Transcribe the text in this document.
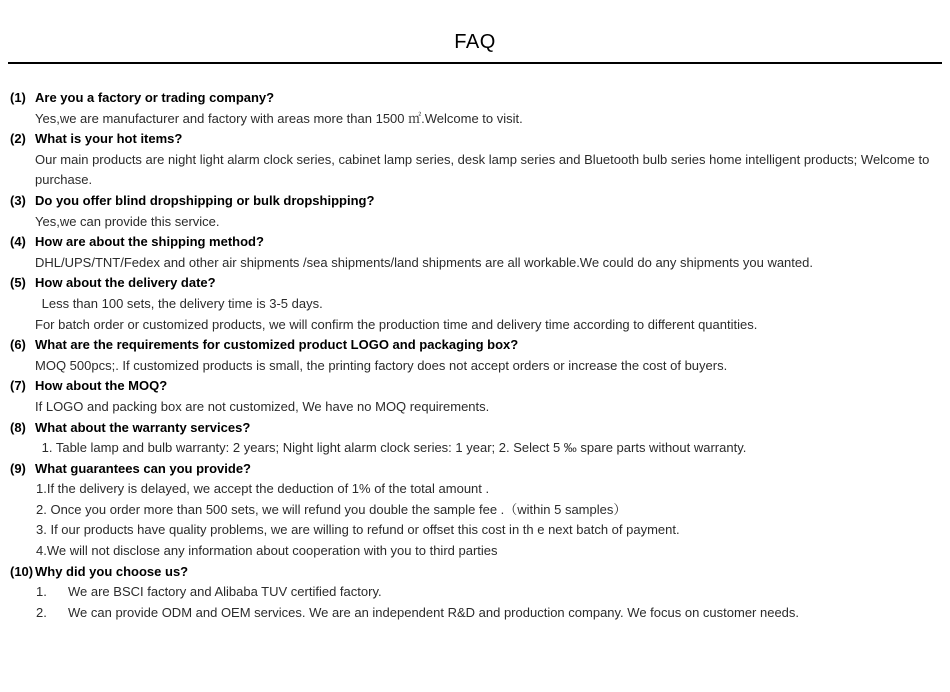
FAQ
(1) Are you a factory or trading company?
Yes,we are manufacturer and factory with areas more than 1500 ㎡.Welcome to visit.
(2) What is your hot items?
Our main products are night light alarm clock series, cabinet lamp series, desk lamp series and Bluetooth bulb series home intelligent products; Welcome to purchase.
(3) Do you offer blind dropshipping or bulk dropshipping?
Yes,we can provide this service.
(4) How are about the shipping method?
DHL/UPS/TNT/Fedex and other air shipments /sea shipments/land shipments are all workable.We could do any shipments you wanted.
(5) How about the delivery date?
Less than 100 sets, the delivery time is 3-5 days.
For batch order or customized products, we will confirm the production time and delivery time according to different quantities.
(6) What are the requirements for customized product LOGO and packaging box?
MOQ 500pcs;. If customized products is small, the printing factory does not accept orders or increase the cost of buyers.
(7) How about the MOQ?
If LOGO and packing box are not customized, We have no MOQ requirements.
(8) What about the warranty services?
1. Table lamp and bulb warranty: 2 years; Night light alarm clock series: 1 year; 2. Select 5 ‰ spare parts without warranty.
(9) What guarantees can you provide?
1.If the delivery is delayed, we accept the deduction of 1% of the total amount .
2. Once you order more than 500 sets, we will refund you double the sample fee .（within 5 samples）
3. If our products have quality problems, we are willing to refund or offset this cost in th e next batch of payment.
4.We will not disclose any information about cooperation with you to third parties
(10) Why did you choose us?
1.	We are BSCI factory and Alibaba TUV certified factory.
2.	We can provide ODM and OEM services. We are an independent R&D and production company. We focus on customer needs.
